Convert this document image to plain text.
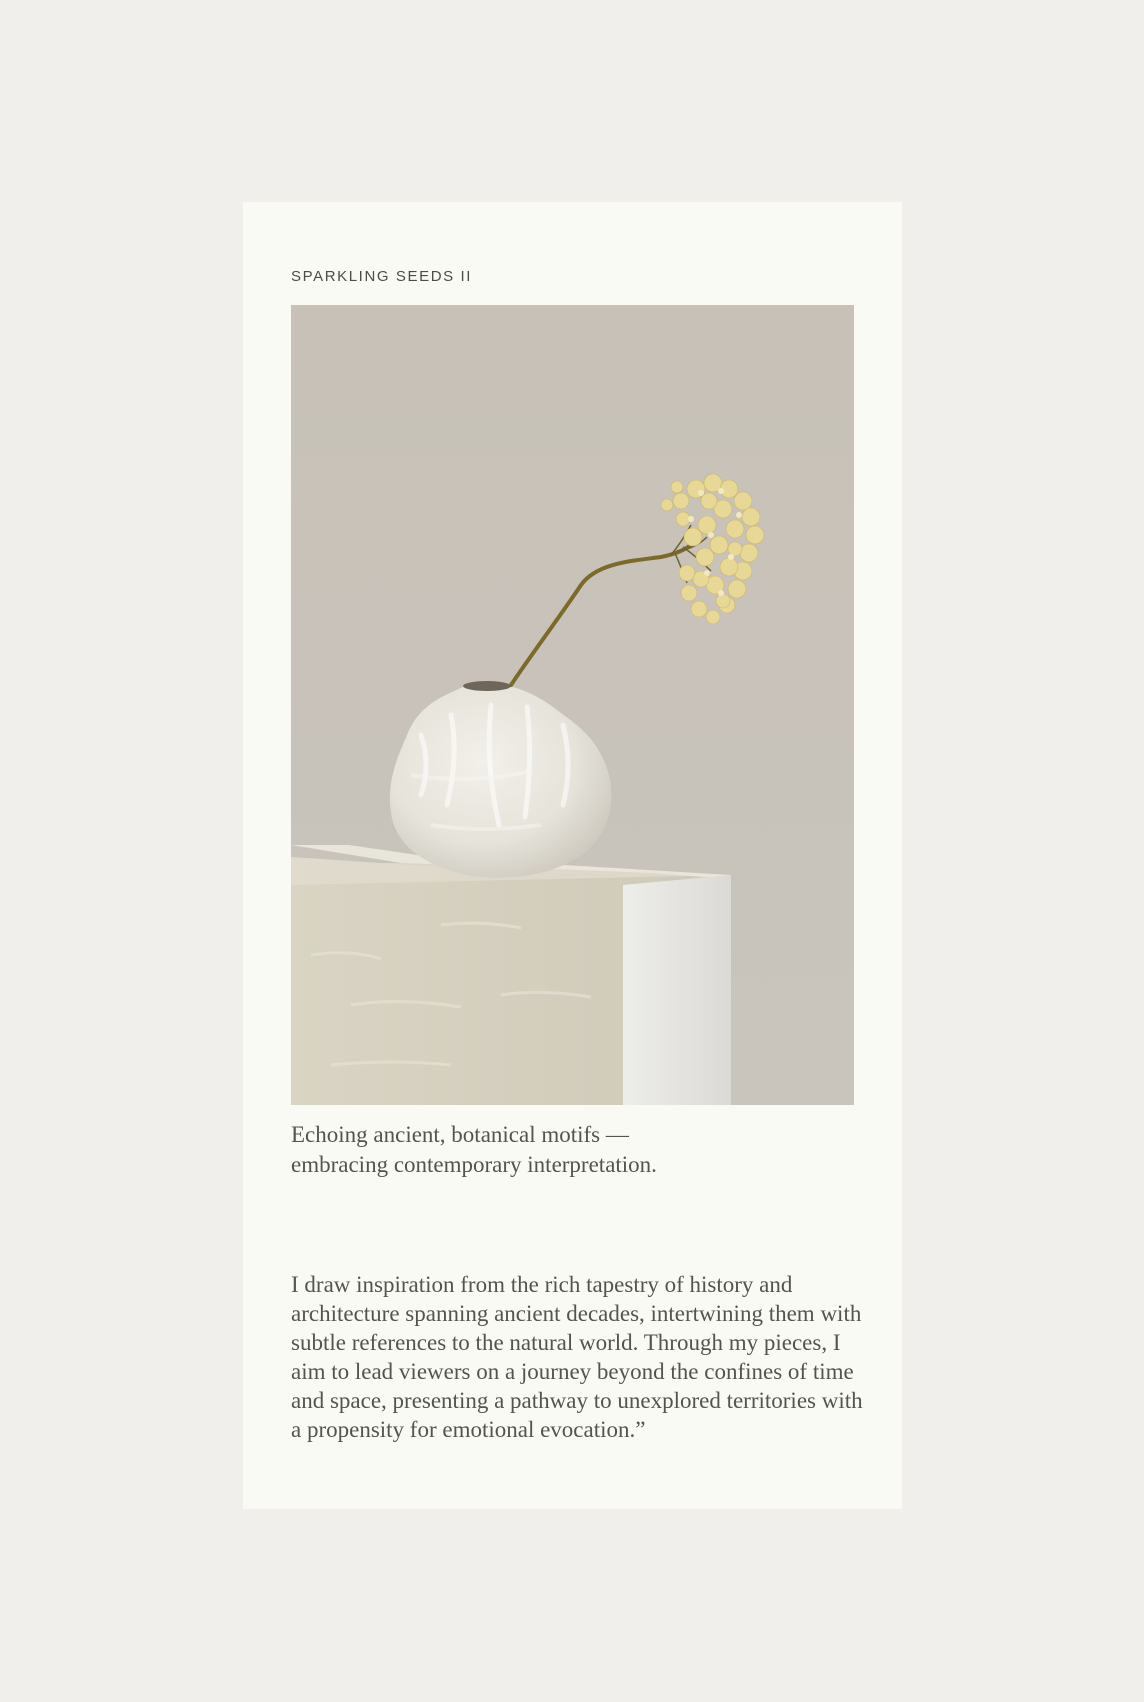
SPARKLING SEEDS II

Echoing ancient, botanical motifs —
embracing contemporary interpretation.

I draw inspiration from the rich tapestry of history and architecture spanning ancient decades, intertwining them with subtle references to the natural world. Through my pieces, I aim to lead viewers on a journey beyond the confines of time and space, presenting a pathway to unexplored territories with a propensity for emotional evocation.”
